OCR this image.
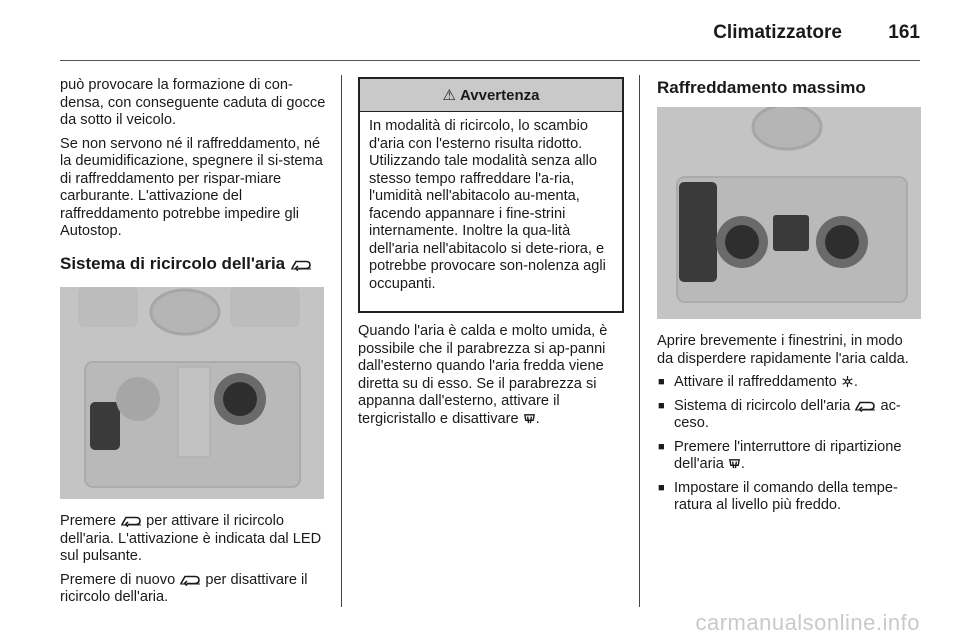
Climatizzatore 161

può provocare la formazione di con-densa, con conseguente caduta di gocce da sotto il veicolo.

Se non servono né il raffreddamento, né la deumidificazione, spegnere il si-stema di raffreddamento per rispar-miare carburante. L'attivazione del raffreddamento potrebbe impedire gli Autostop.

Sistema di ricircolo dell'aria

Premere per attivare il ricircolo dell'aria. L'attivazione è indicata dal LED sul pulsante.

Premere di nuovo per disattivare il ricircolo dell'aria.

⚠ Avvertenza
In modalità di ricircolo, lo scambio d'aria con l'esterno risulta ridotto. Utilizzando tale modalità senza allo stesso tempo raffreddare l'a-ria, l'umidità nell'abitacolo au-menta, facendo appannare i fine-strini internamente. Inoltre la qua-lità dell'aria nell'abitacolo si dete-riora, e potrebbe provocare son-nolenza agli occupanti.

Quando l'aria è calda e molto umida, è possibile che il parabrezza si ap-panni dall'esterno quando l'aria fredda viene diretta su di esso. Se il parabrezza si appanna dall'esterno, attivare il tergicristallo e disattivare .

Raffreddamento massimo

Aprire brevemente i finestrini, in modo da disperdere rapidamente l'aria calda.

■ Attivare il raffreddamento .
■ Sistema di ricircolo dell'aria ac-ceso.
■ Premere l'interruttore di ripartizione dell'aria .
■ Impostare il comando della tempe-ratura al livello più freddo.
carmanualsonline.info
